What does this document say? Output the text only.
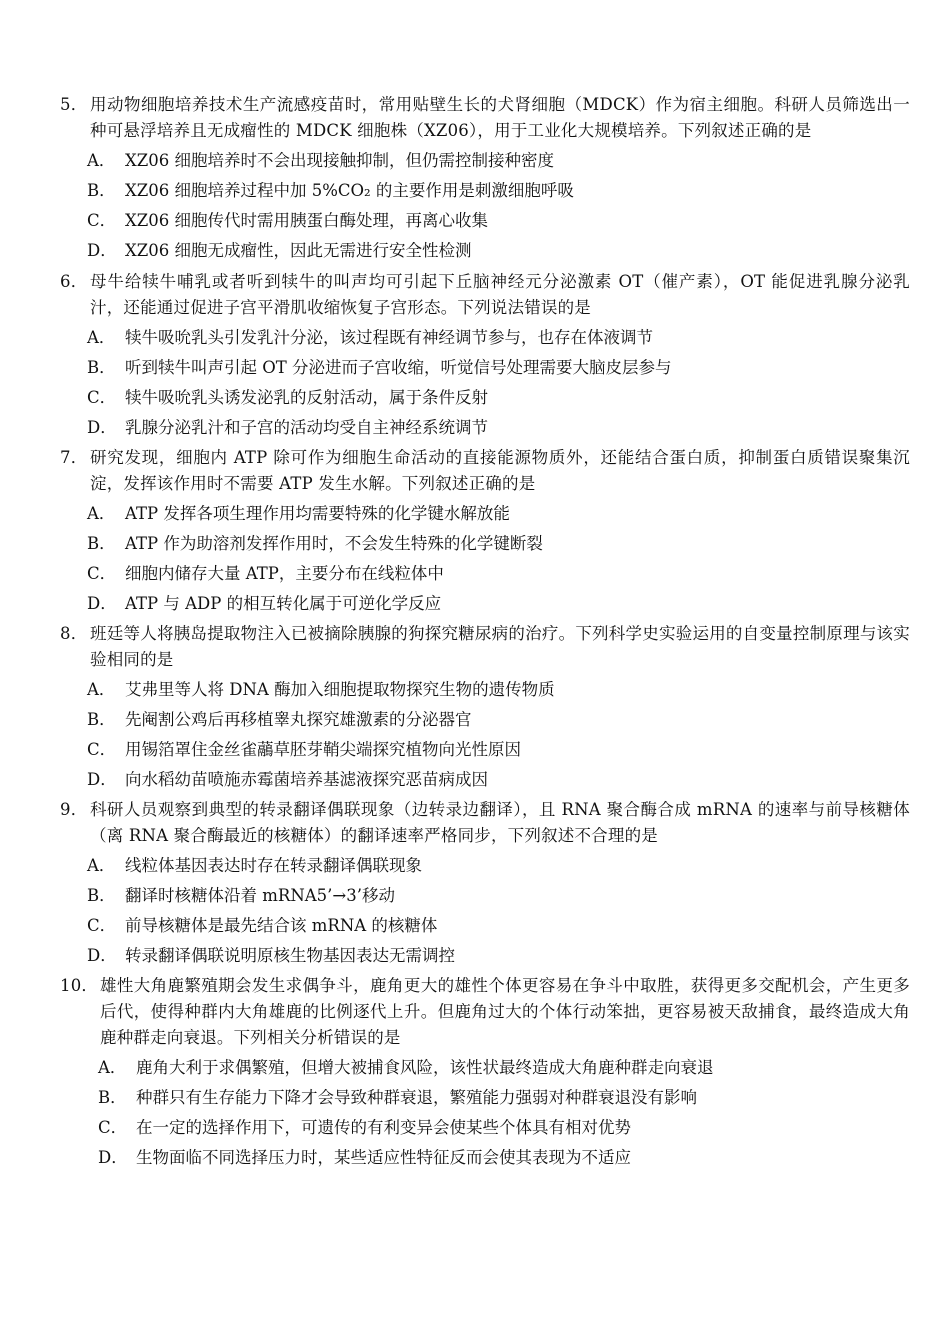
5． 用动物细胞培养技术生产流感疫苗时，常用贴壁生长的犬肾细胞（MDCK）作为宿主细胞。科研人员筛选出一种可悬浮培养且无成瘤性的 MDCK 细胞株（XZ06），用于工业化大规模培养。下列叙述正确的是
A． XZ06 细胞培养时不会出现接触抑制，但仍需控制接种密度
B． XZ06 细胞培养过程中加 5%CO₂ 的主要作用是刺激细胞呼吸
C． XZ06 细胞传代时需用胰蛋白酶处理，再离心收集
D． XZ06 细胞无成瘤性，因此无需进行安全性检测
6． 母牛给犊牛哺乳或者听到犊牛的叫声均可引起下丘脑神经元分泌激素 OT（催产素），OT 能促进乳腺分泌乳汁，还能通过促进子宫平滑肌收缩恢复子宫形态。下列说法错误的是
A． 犊牛吸吮乳头引发乳汁分泌，该过程既有神经调节参与，也存在体液调节
B． 听到犊牛叫声引起 OT 分泌进而子宫收缩，听觉信号处理需要大脑皮层参与
C． 犊牛吸吮乳头诱发泌乳的反射活动，属于条件反射
D． 乳腺分泌乳汁和子宫的活动均受自主神经系统调节
7． 研究发现，细胞内 ATP 除可作为细胞生命活动的直接能源物质外，还能结合蛋白质，抑制蛋白质错误聚集沉淀，发挥该作用时不需要 ATP 发生水解。下列叙述正确的是
A． ATP 发挥各项生理作用均需要特殊的化学键水解放能
B． ATP 作为助溶剂发挥作用时，不会发生特殊的化学键断裂
C． 细胞内储存大量 ATP，主要分布在线粒体中
D． ATP 与 ADP 的相互转化属于可逆化学反应
8． 班廷等人将胰岛提取物注入已被摘除胰腺的狗探究糖尿病的治疗。下列科学史实验运用的自变量控制原理与该实验相同的是
A． 艾弗里等人将 DNA 酶加入细胞提取物探究生物的遗传物质
B． 先阉割公鸡后再移植睾丸探究雄激素的分泌器官
C． 用锡箔罩住金丝雀虉草胚芽鞘尖端探究植物向光性原因
D． 向水稻幼苗喷施赤霉菌培养基滤液探究恶苗病成因
9． 科研人员观察到典型的转录翻译偶联现象（边转录边翻译），且 RNA 聚合酶合成 mRNA 的速率与前导核糖体（离 RNA 聚合酶最近的核糖体）的翻译速率严格同步，下列叙述不合理的是
A． 线粒体基因表达时存在转录翻译偶联现象
B． 翻译时核糖体沿着 mRNA5’→3’移动
C． 前导核糖体是最先结合该 mRNA 的核糖体
D． 转录翻译偶联说明原核生物基因表达无需调控
10． 雄性大角鹿繁殖期会发生求偶争斗，鹿角更大的雄性个体更容易在争斗中取胜，获得更多交配机会，产生更多后代，使得种群内大角雄鹿的比例逐代上升。但鹿角过大的个体行动笨拙，更容易被天敌捕食，最终造成大角鹿种群走向衰退。下列相关分析错误的是
A． 鹿角大利于求偶繁殖，但增大被捕食风险，该性状最终造成大角鹿种群走向衰退
B． 种群只有生存能力下降才会导致种群衰退，繁殖能力强弱对种群衰退没有影响
C． 在一定的选择作用下，可遗传的有利变异会使某些个体具有相对优势
D． 生物面临不同选择压力时，某些适应性特征反而会使其表现为不适应
